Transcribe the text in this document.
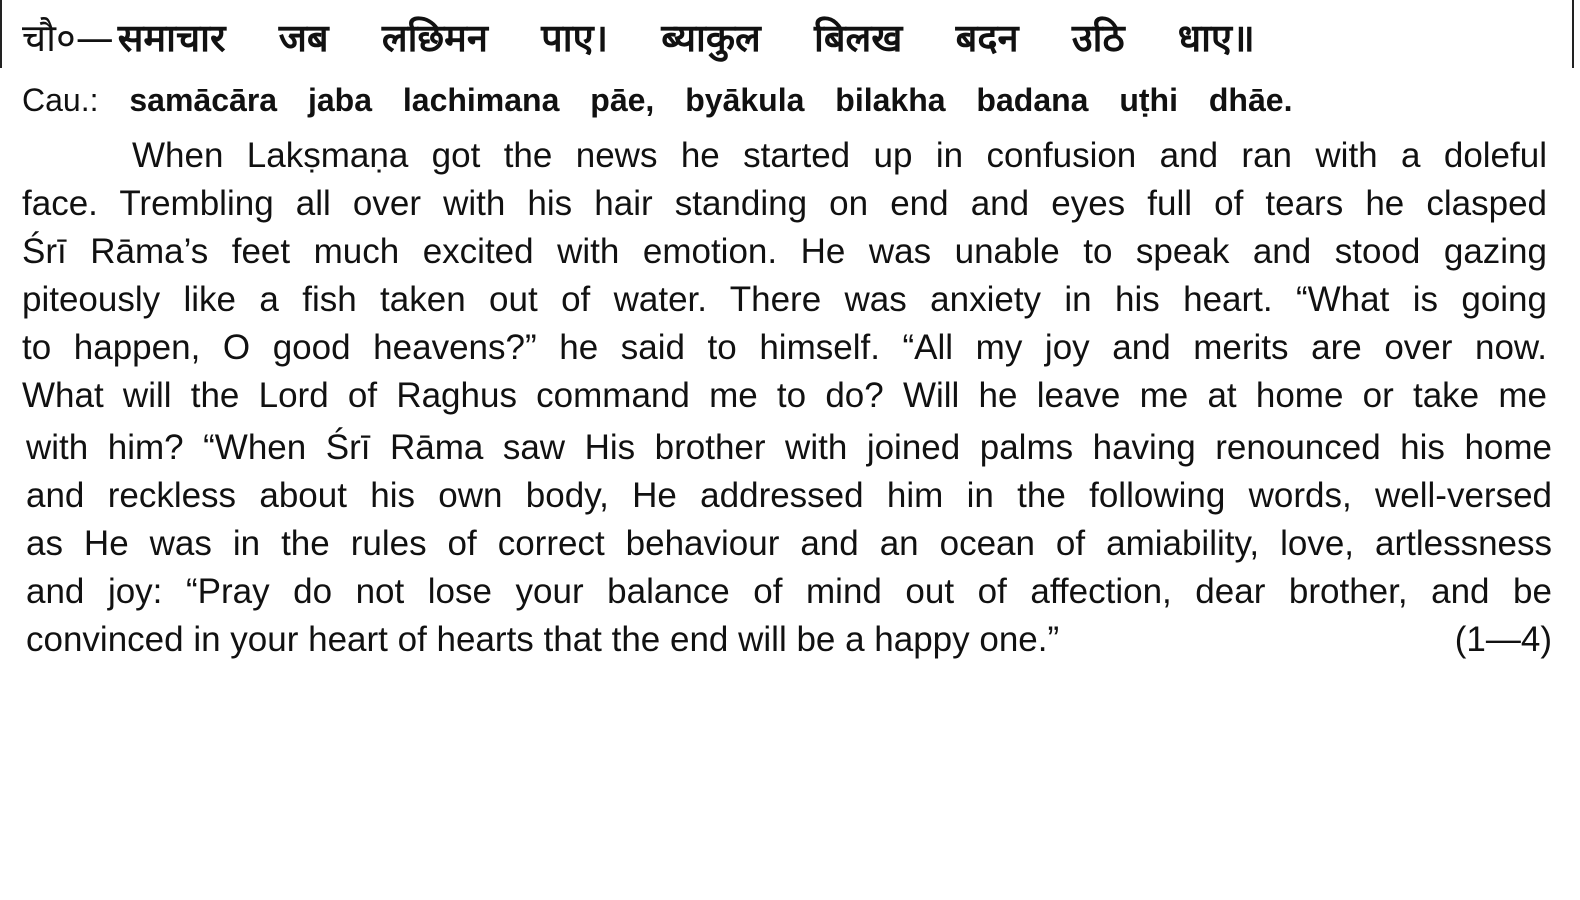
चौ०— समाचार जब लछिमन पाए। ब्याकुल बिलख बदन उठि धाए॥
Cau.: samācāra jaba lachimana pāe, byākula bilakha badana uṭhi dhāe.
When Lakṣmaṇa got the news he started up in confusion and ran with a doleful
face. Trembling all over with his hair standing on end and eyes full of tears he clasped
Śrī Rāma’s feet much excited with emotion. He was unable to speak and stood gazing
piteously like a fish taken out of water. There was anxiety in his heart. “What is going
to happen, O good heavens?” he said to himself. “All my joy and merits are over now.
What will the Lord of Raghus command me to do? Will he leave me at home or take me
with him? “When Śrī Rāma saw His brother with joined palms having renounced his home
and reckless about his own body, He addressed him in the following words, well-versed
as He was in the rules of correct behaviour and an ocean of amiability, love, artlessness
and joy: “Pray do not lose your balance of mind out of affection, dear brother, and be
convinced in your heart of hearts that the end will be a happy one.”	(1—4)
